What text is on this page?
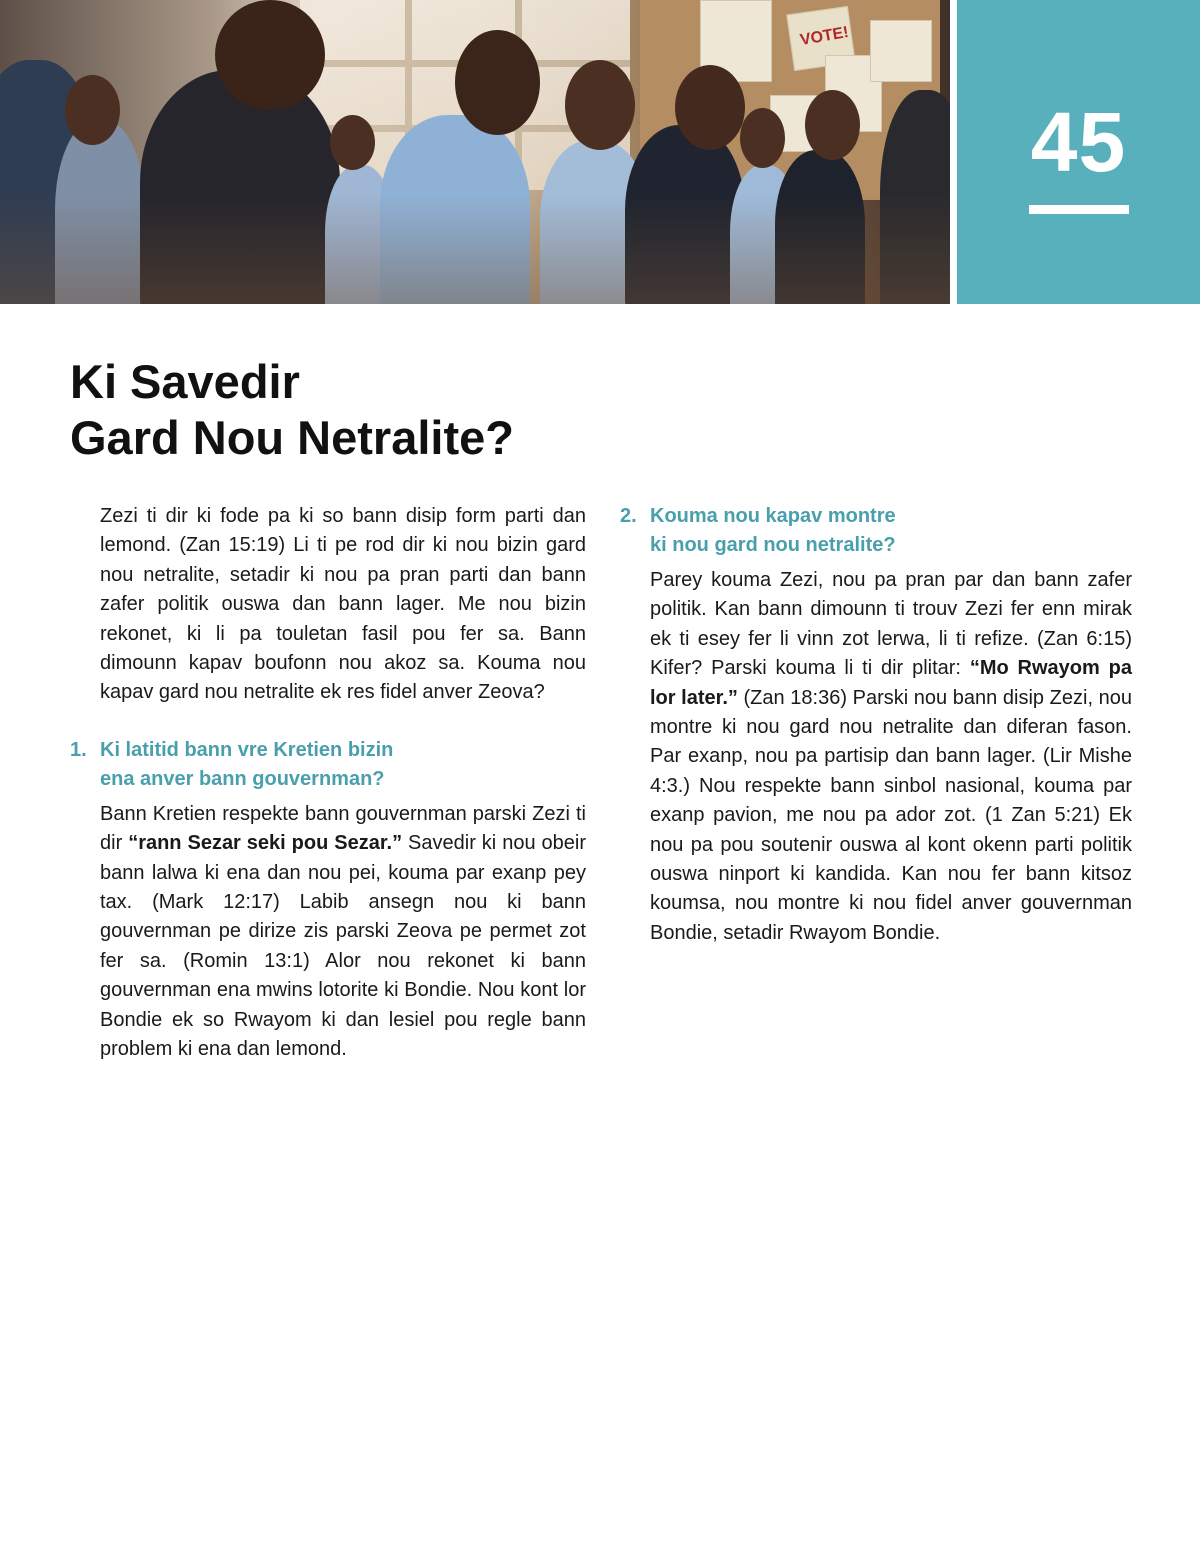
VOTE!
45
Ki Savedir
Gard Nou Netralite?

Zezi ti dir ki fode pa ki so bann disip form parti dan lemond. (Zan 15:19) Li ti pe rod dir ki nou bizin gard nou netralite, setadir ki nou pa pran parti dan bann zafer politik ouswa dan bann lager. Me nou bizin rekonet, ki li pa touletan fasil pou fer sa. Bann dimounn kapav boufonn nou akoz sa. Kouma nou kapav gard nou netralite ek res fidel anver Zeova?

1. Ki latitid bann vre Kretien bizin
ena anver bann gouvernman?

Bann Kretien respekte bann gouvernman parski Zezi ti dir “rann Sezar seki pou Sezar.” Savedir ki nou obeir bann lalwa ki ena dan nou pei, kouma par exanp pey tax. (Mark 12:17) Labib ansegn nou ki bann gouvernman pe dirize zis parski Zeova pe permet zot fer sa. (Romin 13:1) Alor nou rekonet ki bann gouvernman ena mwins lotorite ki Bondie. Nou kont lor Bondie ek so Rwayom ki dan lesiel pou regle bann problem ki ena dan lemond.

2. Kouma nou kapav montre
ki nou gard nou netralite?

Parey kouma Zezi, nou pa pran par dan bann zafer politik. Kan bann dimounn ti trouv Zezi fer enn mirak ek ti esey fer li vinn zot lerwa, li ti refize. (Zan 6:15) Kifer? Parski kouma li ti dir plitar: “Mo Rwayom pa lor later.” (Zan 18:36) Parski nou bann disip Zezi, nou montre ki nou gard nou netralite dan diferan fason. Par exanp, nou pa partisip dan bann lager. (Lir Mishe 4:3.) Nou respekte bann sinbol nasional, kouma par exanp pavion, me nou pa ador zot. (1 Zan 5:21) Ek nou pa pou soutenir ouswa al kont okenn parti politik ouswa ninport ki kandida. Kan nou fer bann kitsoz koumsa, nou montre ki nou fidel anver gouvernman Bondie, setadir Rwayom Bondie.
